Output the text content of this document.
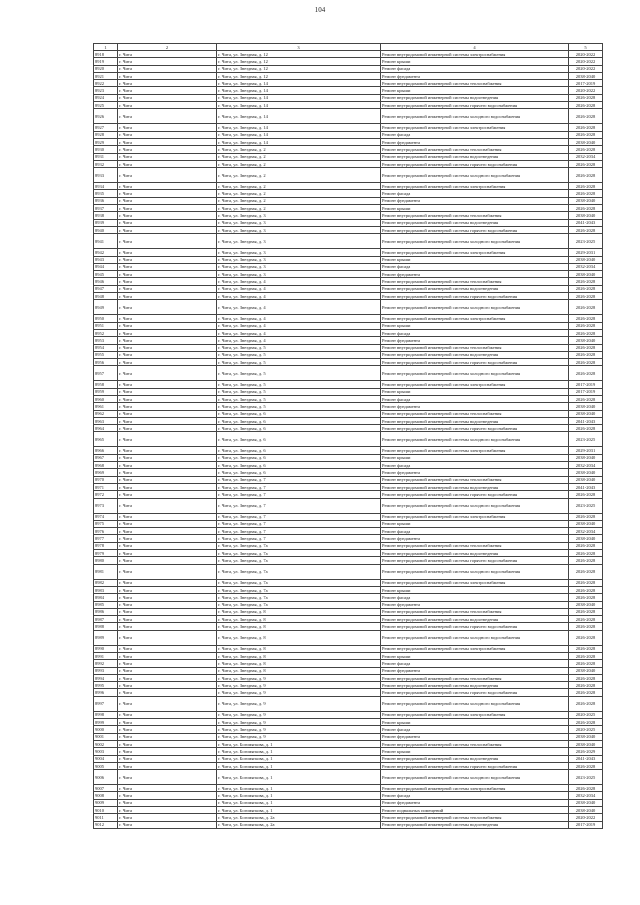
104
1	2	3	4	5
8918	г. Чита	г. Чита, ул. Звездная, д. 12	Ремонт внутридомовой инженерной системы электроснабжения	2020-2022
8919	г. Чита	г. Чита, ул. Звездная, д. 12	Ремонт крыши	2020-2022
8920	г. Чита	г. Чита, ул. Звездная, д. 12	Ремонт фасада	2020-2022
8921	г. Чита	г. Чита, ул. Звездная, д. 12	Ремонт фундамента	2038-2040
8922	г. Чита	г. Чита, ул. Звездная, д. 14	Ремонт внутридомовой инженерной системы теплоснабжения	2017-2019
8923	г. Чита	г. Чита, ул. Звездная, д. 14	Ремонт крыши	2020-2022
8924	г. Чита	г. Чита, ул. Звездная, д. 14	Ремонт внутридомовой инженерной системы водоотведения	2026-2028
8925	г. Чита	г. Чита, ул. Звездная, д. 14	Ремонт внутридомовой инженерной системы горячего водоснабжения	2026-2028
8926	г. Чита	г. Чита, ул. Звездная, д. 14	Ремонт внутридомовой инженерной системы холодного водоснабжения	2026-2028
8927	г. Чита	г. Чита, ул. Звездная, д. 14	Ремонт внутридомовой инженерной системы электроснабжения	2026-2028
8928	г. Чита	г. Чита, ул. Звездная, д. 14	Ремонт фасада	2026-2028
8929	г. Чита	г. Чита, ул. Звездная, д. 14	Ремонт фундамента	2038-2040
8930	г. Чита	г. Чита, ул. Звездная, д. 2	Ремонт внутридомовой инженерной системы теплоснабжения	2026-2028
8931	г. Чита	г. Чита, ул. Звездная, д. 2	Ремонт внутридомовой инженерной системы водоотведения	2032-2034
8932	г. Чита	г. Чита, ул. Звездная, д. 2	Ремонт внутридомовой инженерной системы горячего водоснабжения	2026-2028
8933	г. Чита	г. Чита, ул. Звездная, д. 2	Ремонт внутридомовой инженерной системы холодного водоснабжения	2026-2028
8934	г. Чита	г. Чита, ул. Звездная, д. 2	Ремонт внутридомовой инженерной системы электроснабжения	2026-2028
8935	г. Чита	г. Чита, ул. Звездная, д. 2	Ремонт фасада	2026-2028
8936	г. Чита	г. Чита, ул. Звездная, д. 2	Ремонт фундамента	2038-2040
8937	г. Чита	г. Чита, ул. Звездная, д. 2	Ремонт крыши	2026-2028
8938	г. Чита	г. Чита, ул. Звездная, д. 3	Ремонт внутридомовой инженерной системы теплоснабжения	2038-2040
8939	г. Чита	г. Чита, ул. Звездная, д. 3	Ремонт внутридомовой инженерной системы водоотведения	2041-2043
8940	г. Чита	г. Чита, ул. Звездная, д. 3	Ремонт внутридомовой инженерной системы горячего водоснабжения	2026-2028
8941	г. Чита	г. Чита, ул. Звездная, д. 3	Ремонт внутридомовой инженерной системы холодного водоснабжения	2023-2025
8942	г. Чита	г. Чита, ул. Звездная, д. 3	Ремонт внутридомовой инженерной системы электроснабжения	2029-2031
8943	г. Чита	г. Чита, ул. Звездная, д. 3	Ремонт крыши	2038-2040
8944	г. Чита	г. Чита, ул. Звездная, д. 3	Ремонт фасада	2032-2034
8945	г. Чита	г. Чита, ул. Звездная, д. 3	Ремонт фундамента	2038-2040
8946	г. Чита	г. Чита, ул. Звездная, д. 4	Ремонт внутридомовой инженерной системы теплоснабжения	2026-2028
8947	г. Чита	г. Чита, ул. Звездная, д. 4	Ремонт внутридомовой инженерной системы водоотведения	2026-2028
8948	г. Чита	г. Чита, ул. Звездная, д. 4	Ремонт внутридомовой инженерной системы горячего водоснабжения	2026-2028
8949	г. Чита	г. Чита, ул. Звездная, д. 4	Ремонт внутридомовой инженерной системы холодного водоснабжения	2026-2028
8950	г. Чита	г. Чита, ул. Звездная, д. 4	Ремонт внутридомовой инженерной системы электроснабжения	2026-2028
8951	г. Чита	г. Чита, ул. Звездная, д. 4	Ремонт крыши	2026-2028
8952	г. Чита	г. Чита, ул. Звездная, д. 4	Ремонт фасада	2026-2028
8953	г. Чита	г. Чита, ул. Звездная, д. 4	Ремонт фундамента	2038-2040
8954	г. Чита	г. Чита, ул. Звездная, д. 5	Ремонт внутридомовой инженерной системы теплоснабжения	2026-2028
8955	г. Чита	г. Чита, ул. Звездная, д. 5	Ремонт внутридомовой инженерной системы водоотведения	2026-2028
8956	г. Чита	г. Чита, ул. Звездная, д. 5	Ремонт внутридомовой инженерной системы горячего водоснабжения	2026-2028
8957	г. Чита	г. Чита, ул. Звездная, д. 5	Ремонт внутридомовой инженерной системы холодного водоснабжения	2026-2028
8958	г. Чита	г. Чита, ул. Звездная, д. 5	Ремонт внутридомовой инженерной системы электроснабжения	2017-2019
8959	г. Чита	г. Чита, ул. Звездная, д. 5	Ремонт крыши	2017-2019
8960	г. Чита	г. Чита, ул. Звездная, д. 5	Ремонт фасада	2026-2028
8961	г. Чита	г. Чита, ул. Звездная, д. 5	Ремонт фундамента	2038-2040
8962	г. Чита	г. Чита, ул. Звездная, д. 6	Ремонт внутридомовой инженерной системы теплоснабжения	2038-2040
8963	г. Чита	г. Чита, ул. Звездная, д. 6	Ремонт внутридомовой инженерной системы водоотведения	2041-2043
8964	г. Чита	г. Чита, ул. Звездная, д. 6	Ремонт внутридомовой инженерной системы горячего водоснабжения	2026-2028
8965	г. Чита	г. Чита, ул. Звездная, д. 6	Ремонт внутридомовой инженерной системы холодного водоснабжения	2023-2025
8966	г. Чита	г. Чита, ул. Звездная, д. 6	Ремонт внутридомовой инженерной системы электроснабжения	2029-2031
8967	г. Чита	г. Чита, ул. Звездная, д. 6	Ремонт крыши	2038-2040
8968	г. Чита	г. Чита, ул. Звездная, д. 6	Ремонт фасада	2032-2034
8969	г. Чита	г. Чита, ул. Звездная, д. 6	Ремонт фундамента	2038-2040
8970	г. Чита	г. Чита, ул. Звездная, д. 7	Ремонт внутридомовой инженерной системы теплоснабжения	2038-2040
8971	г. Чита	г. Чита, ул. Звездная, д. 7	Ремонт внутридомовой инженерной системы водоотведения	2041-2043
8972	г. Чита	г. Чита, ул. Звездная, д. 7	Ремонт внутридомовой инженерной системы горячего водоснабжения	2026-2028
8973	г. Чита	г. Чита, ул. Звездная, д. 7	Ремонт внутридомовой инженерной системы холодного водоснабжения	2023-2025
8974	г. Чита	г. Чита, ул. Звездная, д. 7	Ремонт внутридомовой инженерной системы электроснабжения	2026-2028
8975	г. Чита	г. Чита, ул. Звездная, д. 7	Ремонт крыши	2038-2040
8976	г. Чита	г. Чита, ул. Звездная, д. 7	Ремонт фасада	2032-2034
8977	г. Чита	г. Чита, ул. Звездная, д. 7	Ремонт фундамента	2038-2040
8978	г. Чита	г. Чита, ул. Звездная, д. 7а	Ремонт внутридомовой инженерной системы теплоснабжения	2026-2028
8979	г. Чита	г. Чита, ул. Звездная, д. 7а	Ремонт внутридомовой инженерной системы водоотведения	2026-2028
8980	г. Чита	г. Чита, ул. Звездная, д. 7а	Ремонт внутридомовой инженерной системы горячего водоснабжения	2026-2028
8981	г. Чита	г. Чита, ул. Звездная, д. 7а	Ремонт внутридомовой инженерной системы холодного водоснабжения	2026-2028
8982	г. Чита	г. Чита, ул. Звездная, д. 7а	Ремонт внутридомовой инженерной системы электроснабжения	2026-2028
8983	г. Чита	г. Чита, ул. Звездная, д. 7а	Ремонт крыши	2026-2028
8984	г. Чита	г. Чита, ул. Звездная, д. 7а	Ремонт фасада	2026-2028
8985	г. Чита	г. Чита, ул. Звездная, д. 7а	Ремонт фундамента	2038-2040
8986	г. Чита	г. Чита, ул. Звездная, д. 8	Ремонт внутридомовой инженерной системы теплоснабжения	2026-2028
8987	г. Чита	г. Чита, ул. Звездная, д. 8	Ремонт внутридомовой инженерной системы водоотведения	2026-2028
8988	г. Чита	г. Чита, ул. Звездная, д. 8	Ремонт внутридомовой инженерной системы горячего водоснабжения	2026-2028
8989	г. Чита	г. Чита, ул. Звездная, д. 8	Ремонт внутридомовой инженерной системы холодного водоснабжения	2026-2028
8990	г. Чита	г. Чита, ул. Звездная, д. 8	Ремонт внутридомовой инженерной системы электроснабжения	2026-2028
8991	г. Чита	г. Чита, ул. Звездная, д. 8	Ремонт крыши	2026-2028
8992	г. Чита	г. Чита, ул. Звездная, д. 8	Ремонт фасада	2026-2028
8993	г. Чита	г. Чита, ул. Звездная, д. 8	Ремонт фундамента	2038-2040
8994	г. Чита	г. Чита, ул. Звездная, д. 9	Ремонт внутридомовой инженерной системы теплоснабжения	2026-2028
8995	г. Чита	г. Чита, ул. Звездная, д. 9	Ремонт внутридомовой инженерной системы водоотведения	2026-2028
8996	г. Чита	г. Чита, ул. Звездная, д. 9	Ремонт внутридомовой инженерной системы горячего водоснабжения	2026-2028
8997	г. Чита	г. Чита, ул. Звездная, д. 9	Ремонт внутридомовой инженерной системы холодного водоснабжения	2026-2028
8998	г. Чита	г. Чита, ул. Звездная, д. 9	Ремонт внутридомовой инженерной системы электроснабжения	2020-2025
8999	г. Чита	г. Чита, ул. Звездная, д. 9	Ремонт крыши	2026-2028
9000	г. Чита	г. Чита, ул. Звездная, д. 9	Ремонт фасада	2020-2025
9001	г. Чита	г. Чита, ул. Звездная, д. 9	Ремонт фундамента	2038-2040
9002	г. Чита	г. Чита, ул. Богомягкова, д. 1	Ремонт внутридомовой инженерной системы теплоснабжения	2038-2040
9003	г. Чита	г. Чита, ул. Богомягкова, д. 1	Ремонт крыши	2026-2029
9004	г. Чита	г. Чита, ул. Богомягкова, д. 1	Ремонт внутридомовой инженерной системы водоотведения	2041-2043
9005	г. Чита	г. Чита, ул. Богомягкова, д. 1	Ремонт внутридомовой инженерной системы горячего водоснабжения	2026-2028
9006	г. Чита	г. Чита, ул. Богомягкова, д. 1	Ремонт внутридомовой инженерной системы холодного водоснабжения	2023-2025
9007	г. Чита	г. Чита, ул. Богомягкова, д. 1	Ремонт внутридомовой инженерной системы электроснабжения	2026-2028
9008	г. Чита	г. Чита, ул. Богомягкова, д. 1	Ремонт фасада	2032-2034
9009	г. Чита	г. Чита, ул. Богомягкова, д. 1	Ремонт фундамента	2038-2040
9010	г. Чита	г. Чита, ул. Богомягкова, д. 1	Ремонт подвальных помещений	2038-2040
9011	г. Чита	г. Чита, ул. Богомягкова, д. 2а	Ремонт внутридомовой инженерной системы теплоснабжения	2020-2022
9012	г. Чита	г. Чита, ул. Богомягкова, д. 2а	Ремонт внутридомовой инженерной системы водоотведения	2017-2019
